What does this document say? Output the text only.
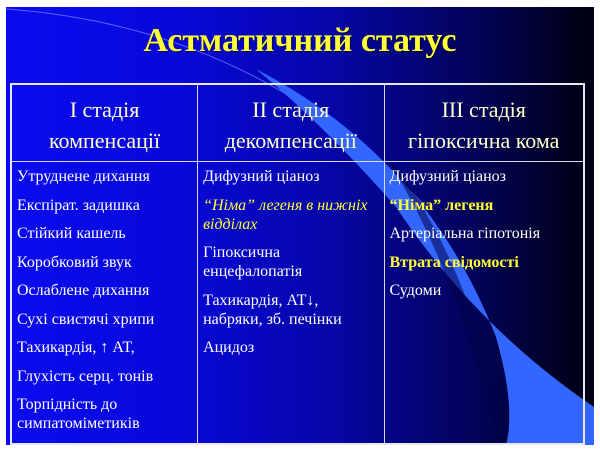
Астматичний статус
I стадія
компенсації

II стадія
декомпенсації

III стадія
гіпоксична кома

Утруднене дихання
Експірат. задишка
Стійкий кашель
Коробковий звук
Ослаблене дихання
Сухі свистячі хрипи
Тахикардія, ↑ АТ,
Глухість серц. тонів
Торпідність до симпатоміметиків

Дифузний ціаноз
“Німа” легеня в нижніх відділах
Гіпоксична енцефалопатія
Тахикардія, АТ↓, набряки, зб. печінки
Ацидоз

Дифузний ціаноз
“Німа” легеня
Артеріальна гіпотонія
Втрата свідомості
Судоми
